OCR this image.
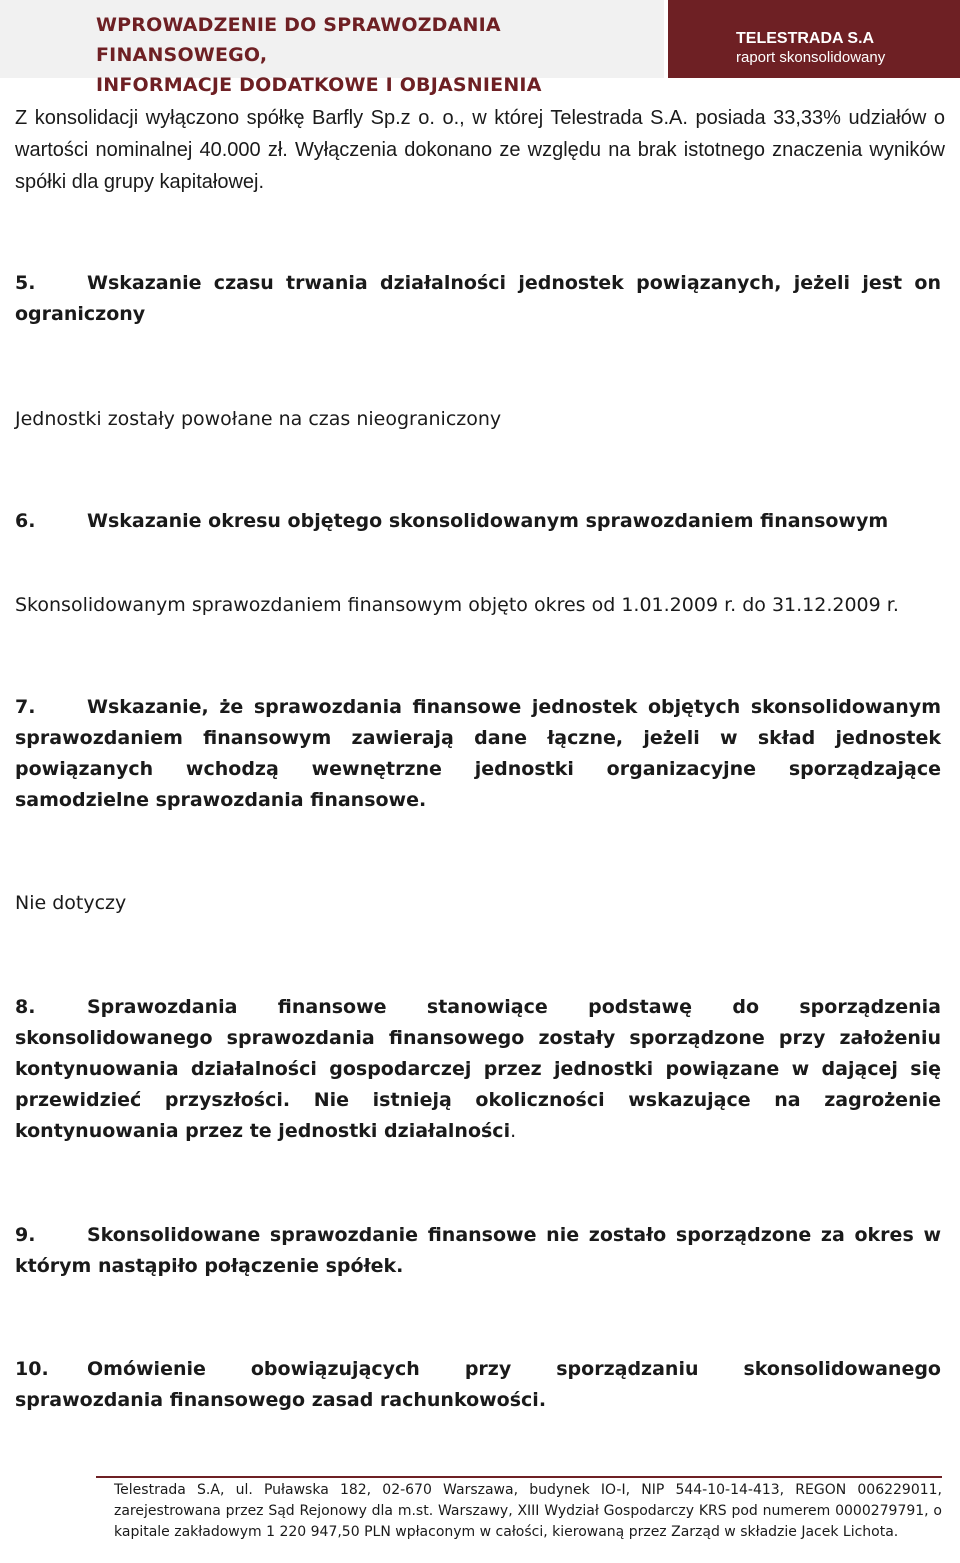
WPROWADZENIE DO SPRAWOZDANIA FINANSOWEGO,
INFORMACJE DODATKOWE I OBJASNIENIA
TELESTRADA S.A
raport skonsolidowany
Z konsolidacji wyłączono spółkę Barfly Sp.z o. o., w której Telestrada S.A. posiada 33,33% udziałów o wartości nominalnej 40.000 zł. Wyłączenia dokonano ze względu na brak istotnego znaczenia wyników spółki dla grupy kapitałowej.
5.	Wskazanie czasu trwania działalności jednostek powiązanych, jeżeli jest on ograniczony
Jednostki zostały powołane na czas nieograniczony
6.	Wskazanie okresu objętego skonsolidowanym sprawozdaniem finansowym
Skonsolidowanym sprawozdaniem finansowym objęto okres od 1.01.2009 r. do 31.12.2009 r.
7.	Wskazanie, że sprawozdania finansowe jednostek objętych skonsolidowanym sprawozdaniem finansowym zawierają dane łączne, jeżeli w skład jednostek powiązanych wchodzą wewnętrzne jednostki organizacyjne sporządzające samodzielne sprawozdania finansowe.
Nie dotyczy
8.	Sprawozdania finansowe stanowiące podstawę do sporządzenia skonsolidowanego sprawozdania finansowego zostały sporządzone przy założeniu kontynuowania działalności gospodarczej przez jednostki powiązane w dającej się przewidzieć przyszłości. Nie istnieją okoliczności wskazujące na zagrożenie kontynuowania przez te jednostki działalności.
9.	Skonsolidowane sprawozdanie finansowe nie zostało sporządzone za okres w którym nastąpiło połączenie spółek.
10. Omówienie obowiązujących przy sporządzaniu skonsolidowanego sprawozdania finansowego zasad rachunkowości.
Telestrada S.A, ul. Puławska 182, 02-670 Warszawa, budynek IO-I, NIP 544-10-14-413, REGON 006229011, zarejestrowana przez Sąd Rejonowy dla m.st. Warszawy, XIII Wydział Gospodarczy KRS pod numerem 0000279791, o kapitale zakładowym 1 220 947,50 PLN wpłaconym w całości, kierowaną przez Zarząd w składzie Jacek Lichota.
